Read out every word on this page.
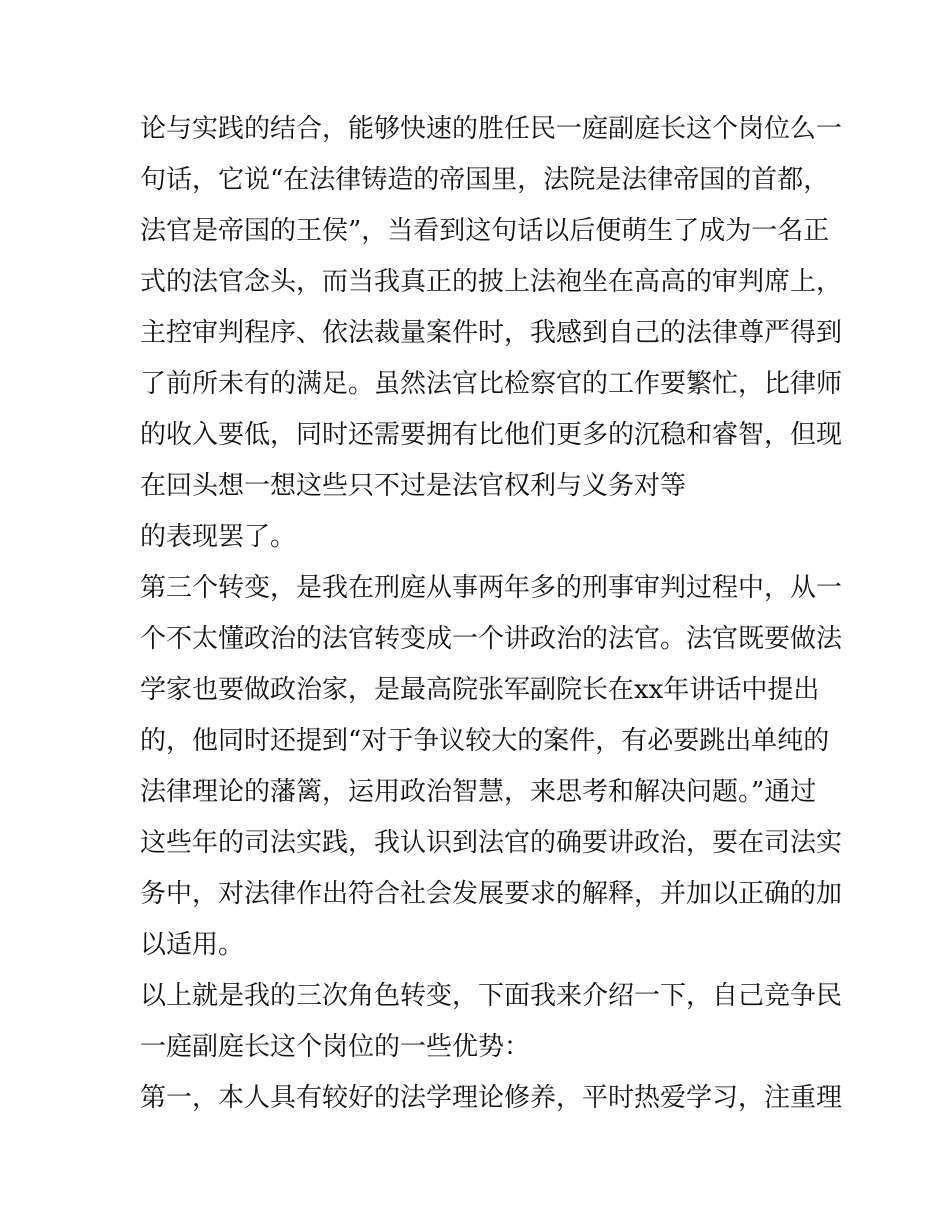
论与实践的结合，能够快速的胜任民一庭副庭长这个岗位么一
句话，它说“在法律铸造的帝国里，法院是法律帝国的首都，
法官是帝国的王侯”，当看到这句话以后便萌生了成为一名正
式的法官念头，而当我真正的披上法袍坐在高高的审判席上，
主控审判程序、依法裁量案件时，我感到自己的法律尊严得到
了前所未有的满足。虽然法官比检察官的工作要繁忙，比律师
的收入要低，同时还需要拥有比他们更多的沉稳和睿智，但现
在回头想一想这些只不过是法官权利与义务对等
的表现罢了。
第三个转变，是我在刑庭从事两年多的刑事审判过程中，从一
个不太懂政治的法官转变成一个讲政治的法官。法官既要做法
学家也要做政治家，是最高院张军副院长在xx年讲话中提出
的，他同时还提到“对于争议较大的案件，有必要跳出单纯的
法律理论的藩篱，运用政治智慧，来思考和解决问题。”通过
这些年的司法实践，我认识到法官的确要讲政治，要在司法实
务中，对法律作出符合社会发展要求的解释，并加以正确的加
以适用。
以上就是我的三次角色转变，下面我来介绍一下，自己竞争民
一庭副庭长这个岗位的一些优势：
第一，本人具有较好的法学理论修养，平时热爱学习，注重理
